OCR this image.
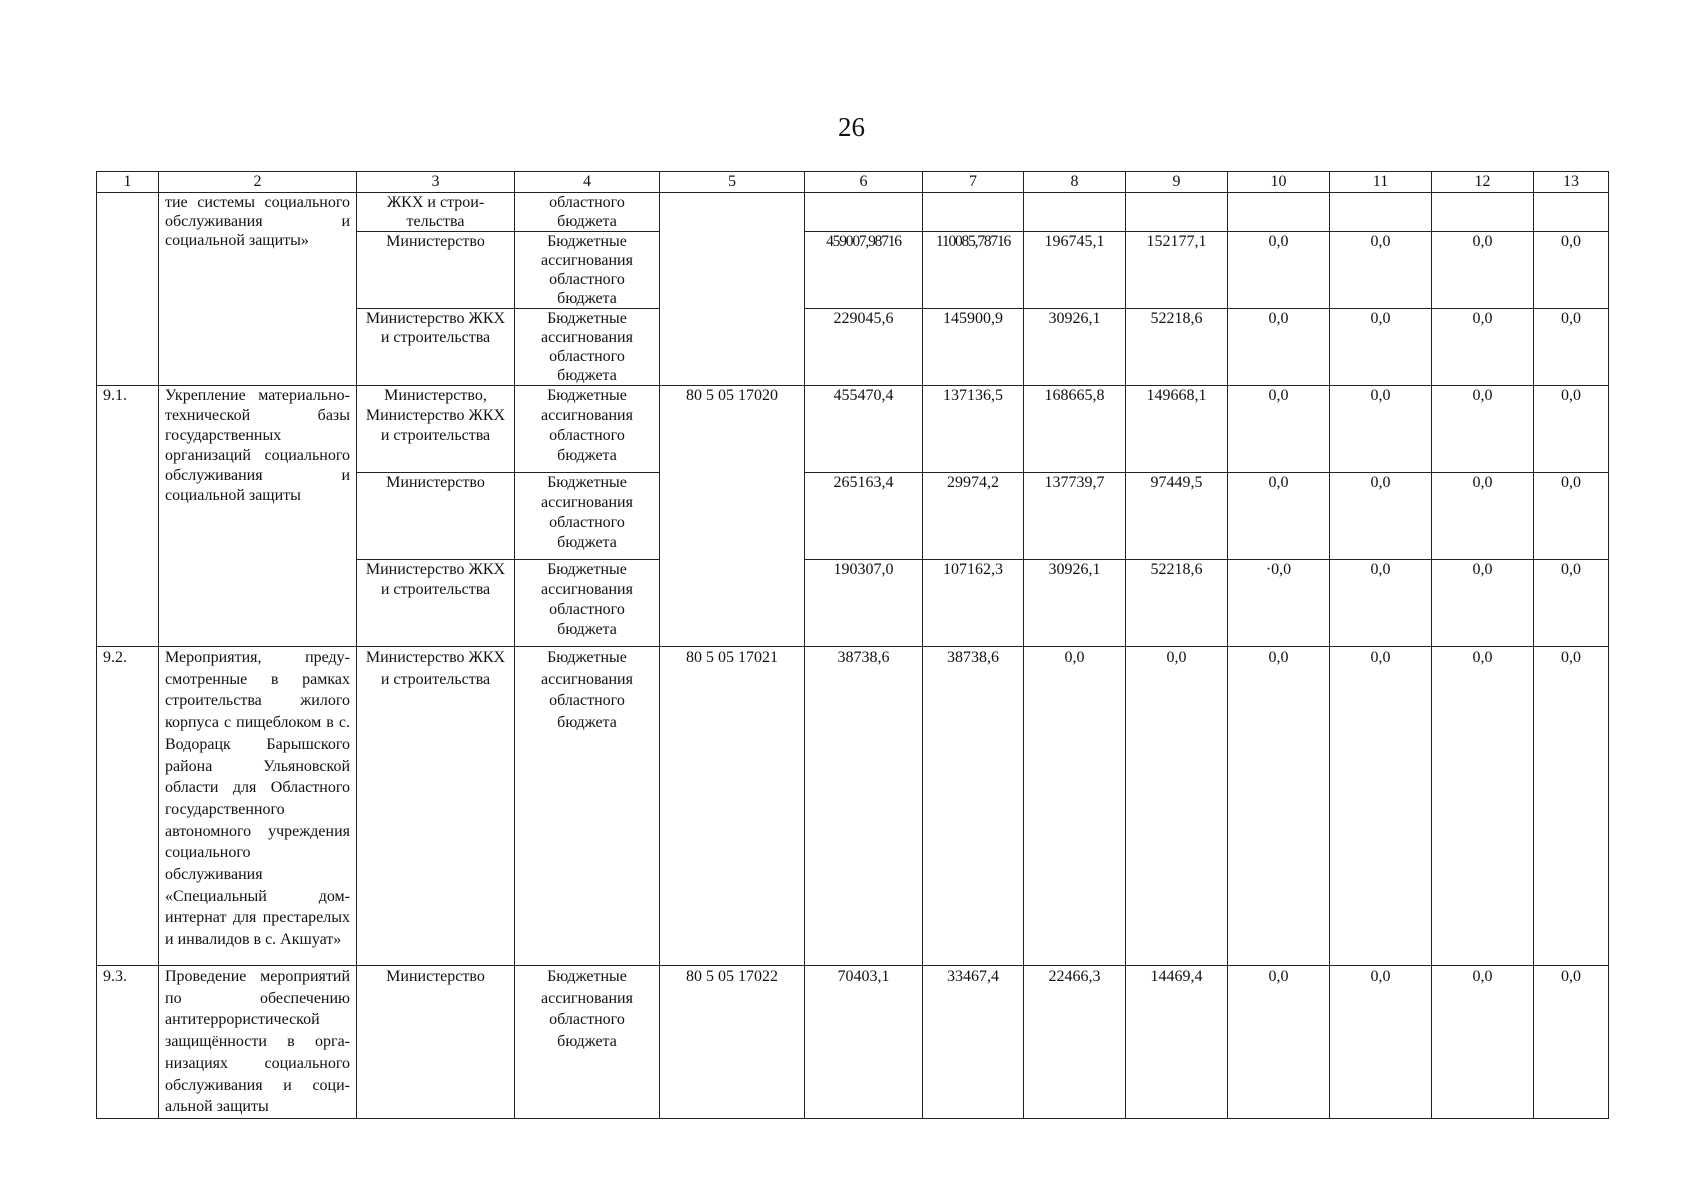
26
1	2	3	4	5	6	7	8	9	10	11	12	13
	тие системы социального обслуживания и социальной защиты»	ЖКХ и строительства	областного бюджета									
		Министерство	Бюджетные ассигнования областного бюджета		459007,98716	110085,78716	196745,1	152177,1	0,0	0,0	0,0	0,0
		Министерство ЖКХ и строительства	Бюджетные ассигнования областного бюджета		229045,6	145900,9	30926,1	52218,6	0,0	0,0	0,0	0,0
9.1.	Укрепление материально-технической базы государственных организаций социального обслуживания и социальной защиты	Министерство, Министерство ЖКХ и строительства	Бюджетные ассигнования областного бюджета	80 5 05 17020	455470,4	137136,5	168665,8	149668,1	0,0	0,0	0,0	0,0
		Министерство	Бюджетные ассигнования областного бюджета		265163,4	29974,2	137739,7	97449,5	0,0	0,0	0,0	0,0
		Министерство ЖКХ и строительства	Бюджетные ассигнования областного бюджета		190307,0	107162,3	30926,1	52218,6	·0,0	0,0	0,0	0,0
9.2.	Мероприятия, предусмотренные в рамках строительства жилого корпуса с пищеблоком в с. Водорацк Барышского района Ульяновской области для Областного государственного автономного учреждения социального обслуживания «Специальный дом-интернат для престарелых и инвалидов в с. Акшуат»	Министерство ЖКХ и строительства	Бюджетные ассигнования областного бюджета	80 5 05 17021	38738,6	38738,6	0,0	0,0	0,0	0,0	0,0	0,0
9.3.	Проведение мероприятий по обеспечению антитеррористической защищённости в организациях социального обслуживания и социальной защиты	Министерство	Бюджетные ассигнования областного бюджета	80 5 05 17022	70403,1	33467,4	22466,3	14469,4	0,0	0,0	0,0	0,0
